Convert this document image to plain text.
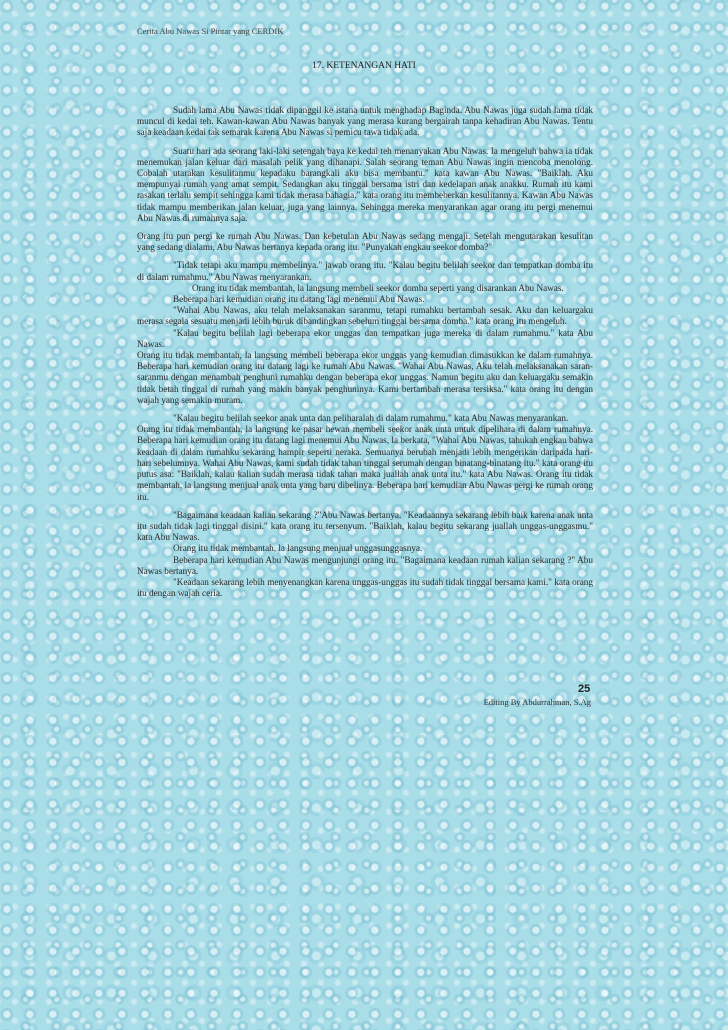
Cerita Abu Nawas Si Pintar yang CERDIK
17. KETENANGAN HATI

Sudah lama Abu Nawas tidak dipanggil ke istana untuk menghadap Baginda. Abu Nawas juga sudah lama tidak muncul di kedai teh. Kawan-kawan Abu Nawas banyak yang merasa kurang bergairah tanpa kehadiran Abu Nawas. Tentu saja keadaan kedai tak semarak karena Abu Nawas si pemicu tawa tidak ada.

Suatu hari ada seorang laki-laki setengah baya ke kedai teh menanyakan Abu Nawas. Ia mengeluh bahwa ia tidak menemukan jalan keluar dari masalah pelik yang dihanapi. Salah seorang teman Abu Nawas ingin mencoba menolong. Cobalah utarakan kesulitanmu kepadaku barangkali aku bisa membantu." kata kawan Abu Nawas. "Baiklah. Aku mempunyai rumah yang amat sempit. Sedangkan aku tinggal bersama istri dan kedelapan anak anakku. Rumah itu kami rasakan terlalu sempit sehingga kami tidak merasa bahagia." kata orang itu membeberkan kesulitannya. Kawan Abu Nawas tidak mampu memberikan jalan keluar, juga yang lainnya. Sehingga mereka menyarankan agar orang itu pergi menemui Abu Nawas di rumahnya saja.

Orang itu pun pergi ke rumah Abu Nawas. Dan kebetulan Abu Nawas sedang mengaji. Setelah mengutarakan kesulitan yang sedang dialami, Abu Nawas bertanya kepada orang itu. "Punyakah engkau seekor domba?"

"Tidak tetapi aku mampu membelinya." jawab orang itu. "Kalau begitu belilah seekor dan tempatkan domba itu di dalam rumahmu." Abu Nawas menyarankan.

Orang itu tidak membantah, la langsung membeli seekor domba seperti yang disarankan Abu Nawas.

Beberapa hari kemudian orang itu datang lagi menemui Abu Nawas.

"Wahai Abu Nawas, aku telah melaksanakan saranmu, tetapi rumahku bertambah sesak. Aku dan keluargaku merasa segala sesuatu menjadi lebih buruk dibandingkan sebelum tinggal bersama domba." kata orang itu mengeluh.

"Kalau begitu belilah lagi beberapa ekor unggas dan tempatkan juga mereka di dalam rumahmu." kata Abu Nawas.

Orang itu tidak membantah, la langsung membeli beberapa ekor unggas yang kemudian dimasukkan ke dalam rumahnya. Beberapa hari kemudian orang itu datang lagi ke rumah Abu Nawas. "Wahai Abu Nawas, Aku telah melaksanakan saran-saranmu dengan menambah penghuni rumahku dengan beberapa ekor unggas. Namun begitu aku dan keluargaku semakin tidak betah tinggal di rumah yang makin banyak penghuninya. Kami bertambah merasa tersiksa." kata orang itu dengan wajah yang semakin muram.

"Kalau begitu belilah seekor anak unta dan peliharalah di dalam rumahmu." kata Abu Nawas menyarankan.

Orang itu tidak membantah, la langsung ke pasar hewan membeli seekor anak unta untuk dipelihara di dalam rumahnya. Beberapa hari kemudian orang itu datang lagi menemui Abu Nawas, la berkata, "Wahai Abu Nawas, tahukah engkau bahwa keadaan di dalam rumahku sekarang hampir seperti neraka. Semuanya berubah menjadi lebih mengerikan daripada hari-hari sebelumnya. Wahai Abu Nawas, kami sudah tidak tahan tinggal serumah dengan binatang-binatang itu." kata orang itu putus asa: "Baiklah, kalau kalian sudah merasa tidak tahan maka juallah anak unta itu." kata Abu Nawas. Orang itu tidak membantah, la langsung menjual anak unta yang baru dibelinya. Beberapa hari kemudian Abu Nawas pergi ke rumah orang itu.

"Bagaimana keadaan kalian sekarang ?"Abu Nawas bertanya. "Keadaannya sekarang lebih baik karena anak unta itu sudah tidak lagi tinggal disini." kata orang itu tersenyum. "Baiklah, kalau begitu sekarang juallah unggas-unggasmu." kata Abu Nawas.

Orang itu tidak membantah, la langsung menjual unggasunggasnya.

Beberapa hari kemudian Abu Nawas mengunjungi orang itu. "Bagaimana keadaan rumah kalian sekarang ?" Abu Nawas bertanya.

"Keadaan sekarang lebih menyenangkan karena unggas-unggas itu sudah tidak tinggal bersama kami." kata orang itu dengan wajah ceria.

25
Editing By Abdurrahman, S.Ag
